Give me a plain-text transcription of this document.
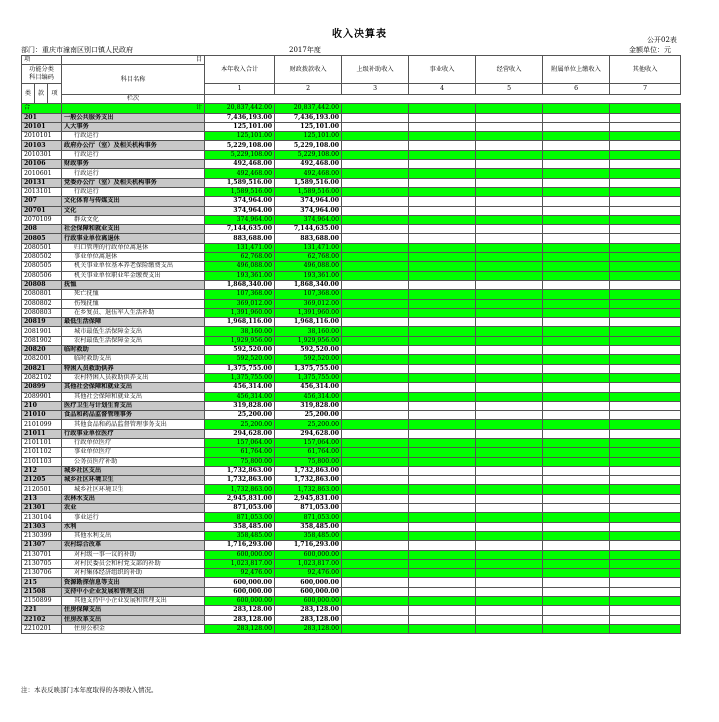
收入决算表	公开02表
部门：重庆市潼南区别口镇人民政府	2017年度	金额单位：元
项			目	本年收入合计	财政拨款收入	上级补助收入	事业收入	经营收入	附属单位上缴收入	其他收入
功能分类
科目编码			科目名称							

类	款	项		1	2	3	4	5	6	7
			栏次						
合			计	20,837,442.00	20,837,442.00					
201			一般公共服务支出	7,436,193.00	7,436,193.00					
20101			人大事务	125,101.00	125,101.00					
2010101			行政运行	125,101.00	125,101.00					
20103			政府办公厅（室）及相关机构事务	5,229,108.00	5,229,108.00					
2010301			行政运行	5,229,108.00	5,229,108.00					
20106			财政事务	492,468.00	492,468.00					
2010601			行政运行	492,468.00	492,468.00					
20131			党委办公厅（室）及相关机构事务	1,589,516.00	1,589,516.00					
2013101			行政运行	1,589,516.00	1,589,516.00					
207			文化体育与传媒支出	374,964.00	374,964.00					
20701			文化	374,964.00	374,964.00					
2070109			群众文化	374,964.00	374,964.00					
208			社会保障和就业支出	7,144,635.00	7,144,635.00					
20805			行政事业单位离退休	883,688.00	883,688.00					
2080501			归口管理的行政单位离退休	131,471.00	131,471.00					
2080502			事业单位离退休	62,768.00	62,768.00					
2080505			机关事业单位基本养老保险缴费支出	496,088.00	496,088.00					
2080506			机关事业单位职业年金缴费支出	193,361.00	193,361.00					
20808			抚恤	1,868,340.00	1,868,340.00					
2080801			死亡抚恤	107,368.00	107,368.00					
2080802			伤残抚恤	369,012.00	369,012.00					
2080803			在乡复员、退伍军人生活补助	1,391,960.00	1,391,960.00					
20819			最低生活保障	1,968,116.00	1,968,116.00					
2081901			城市最低生活保障金支出	38,160.00	38,160.00					
2081902			农村最低生活保障金支出	1,929,956.00	1,929,956.00					
20820			临时救助	592,520.00	592,520.00					
2082001			临时救助支出	592,520.00	592,520.00					
20821			特困人员救助供养	1,375,755.00	1,375,755.00					
2082102			农村特困人员救助供养支出	1,375,755.00	1,375,755.00					
20899			其他社会保障和就业支出	456,314.00	456,314.00					
2089901			其他社会保障和就业支出	456,314.00	456,314.00					
210			医疗卫生与计划生育支出	319,828.00	319,828.00					
21010			食品和药品监督管理事务	25,200.00	25,200.00					
2101099			其他食品和药品监督管理事务支出	25,200.00	25,200.00					
21011			行政事业单位医疗	294,628.00	294,628.00					
2101101			行政单位医疗	157,064.00	157,064.00					
2101102			事业单位医疗	61,764.00	61,764.00					
2101103			公务员医疗补助	75,800.00	75,800.00					
212			城乡社区支出	1,732,863.00	1,732,863.00					
21205			城乡社区环境卫生	1,732,863.00	1,732,863.00					
2120501			城乡社区环境卫生	1,732,863.00	1,732,863.00					
213			农林水支出	2,945,831.00	2,945,831.00					
21301			农业	871,053.00	871,053.00					
2130104			事业运行	871,053.00	871,053.00					
21303			水利	358,485.00	358,485.00					
2130399			其他水利支出	358,485.00	358,485.00					
21307			农村综合改革	1,716,293.00	1,716,293.00					
2130701			对村级一事一议的补助	600,000.00	600,000.00					
2130705			对村民委员会和村党支部的补助	1,023,817.00	1,023,817.00					
2130706			对村集体经济组织的补助	92,476.00	92,476.00					
215			资源勘探信息等支出	600,000.00	600,000.00					
21508			支持中小企业发展和管理支出	600,000.00	600,000.00					
2150899			其他支持中小企业发展和管理支出	600,000.00	600,000.00					
221			住房保障支出	283,128.00	283,128.00					
22102			住房改革支出	283,128.00	283,128.00					
2210201			住房公积金	283,128.00	283,128.00					
注：本表反映部门本年度取得的各项收入情况。
